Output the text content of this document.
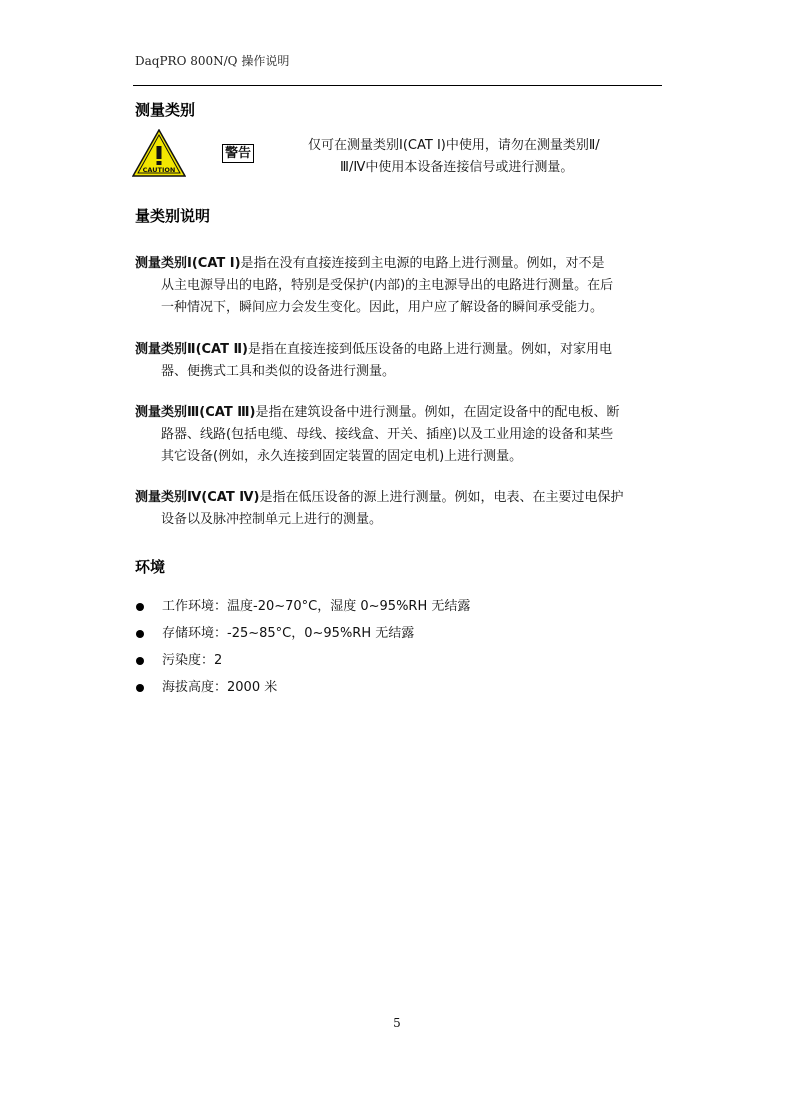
DaqPRO 800N/Q 操作说明
测量类别
CAUTION
警告
仅可在测量类别Ⅰ(CAT Ⅰ)中使用，请勿在测量类别Ⅱ/
Ⅲ/Ⅳ中使用本设备连接信号或进行测量。
量类别说明
测量类别Ⅰ(CAT Ⅰ)是指在没有直接连接到主电源的电路上进行测量。例如，对不是
从主电源导出的电路，特别是受保护(内部)的主电源导出的电路进行测量。在后
一种情况下，瞬间应力会发生变化。因此，用户应了解设备的瞬间承受能力。
测量类别Ⅱ(CAT Ⅱ)是指在直接连接到低压设备的电路上进行测量。例如，对家用电
器、便携式工具和类似的设备进行测量。
测量类别Ⅲ(CAT Ⅲ)是指在建筑设备中进行测量。例如，在固定设备中的配电板、断
路器、线路(包括电缆、母线、接线盒、开关、插座)以及工业用途的设备和某些
其它设备(例如，永久连接到固定装置的固定电机)上进行测量。
测量类别Ⅳ(CAT Ⅳ)是指在低压设备的源上进行测量。例如，电表、在主要过电保护
设备以及脉冲控制单元上进行的测量。
环境
工作环境：温度-20~70°C，湿度 0~95%RH 无结露
存储环境：-25~85°C，0~95%RH 无结露
污染度：2
海拔高度：2000 米
5
